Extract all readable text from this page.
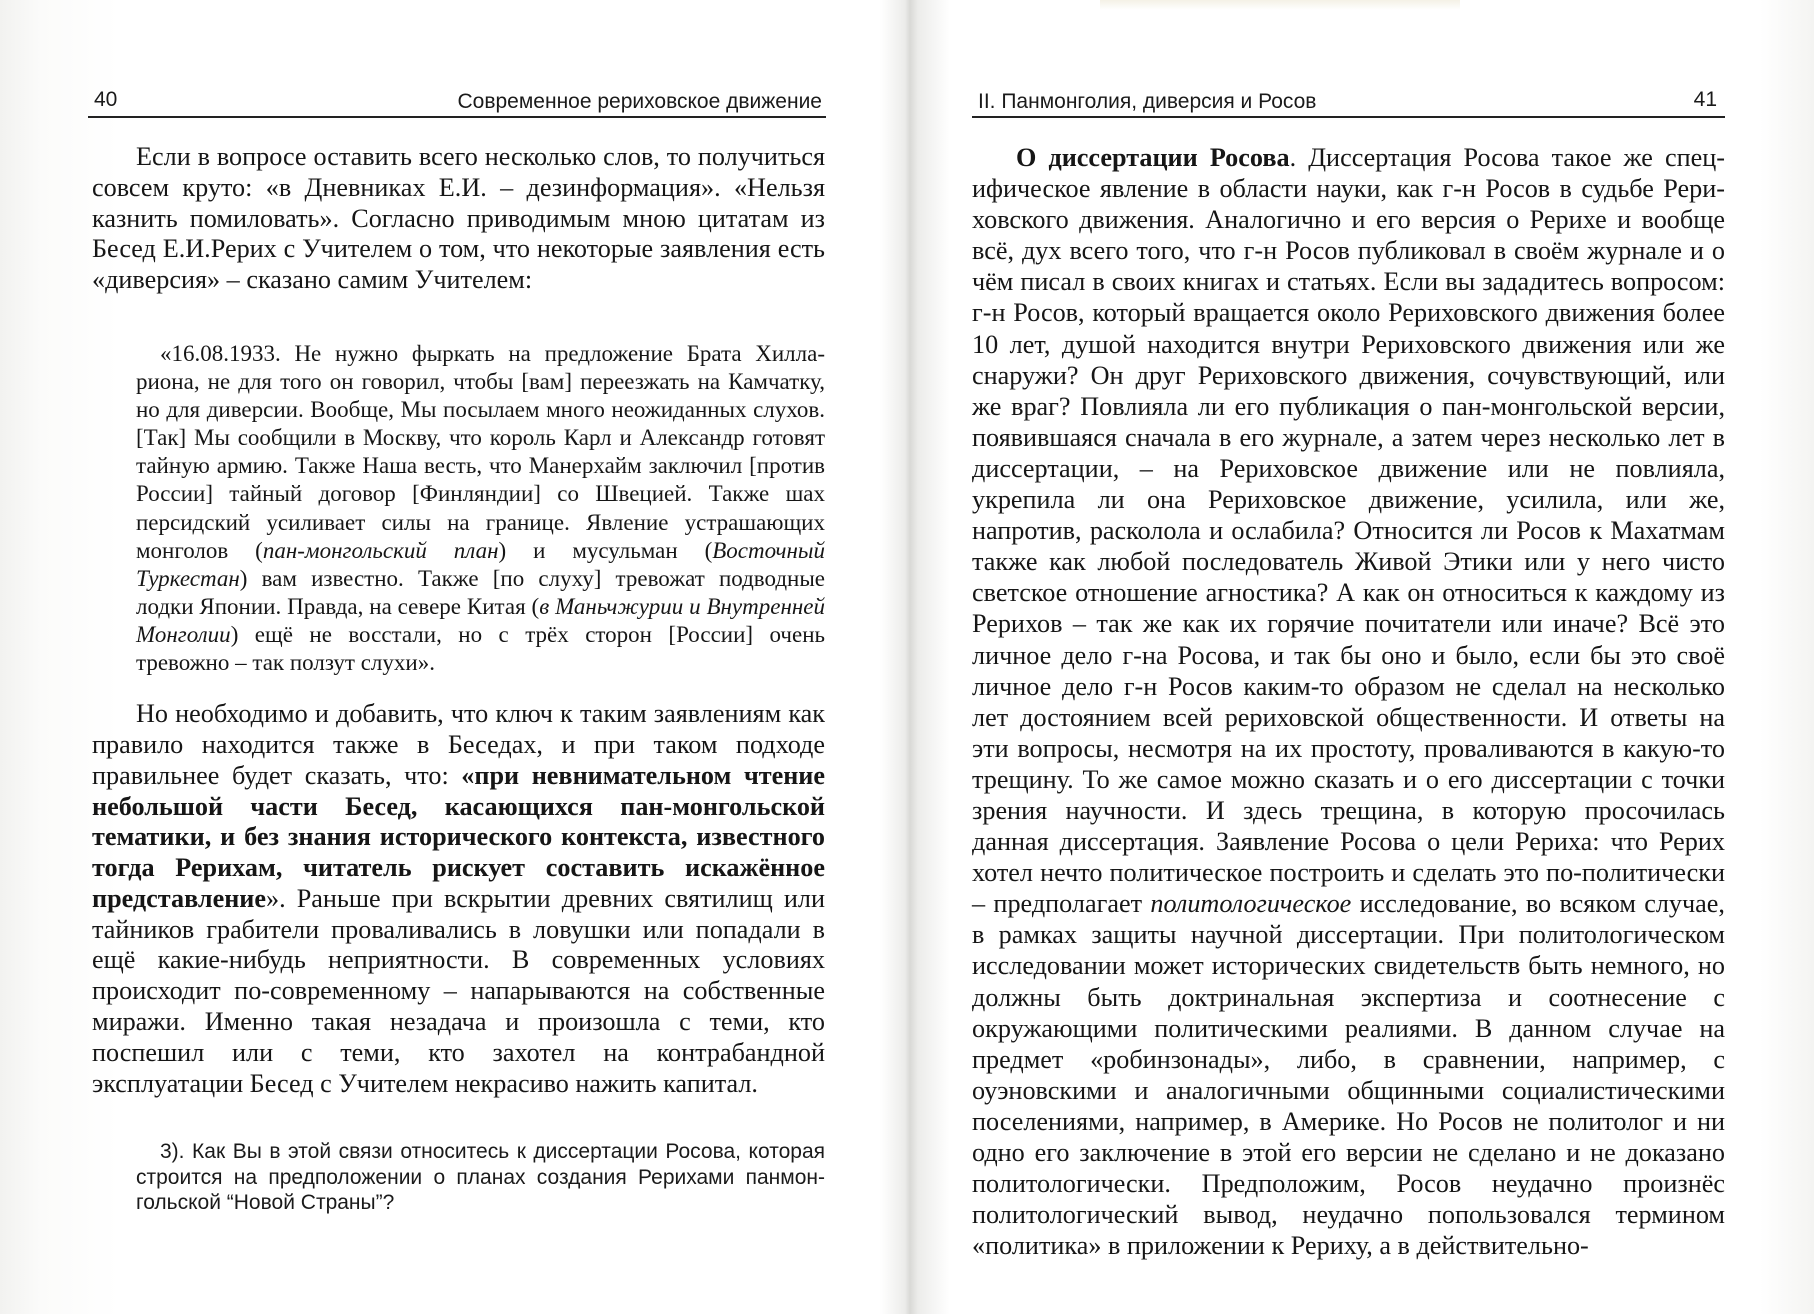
40	Современное рериховское движение

Если в вопросе оставить всего несколько слов, то получиться совсем круто: «в Дневниках Е.И. – дезинформация». «Нельзя казнить помиловать». Согласно приводимым мною цитатам из Бесед Е.И.Рерих с Учителем о том, что некоторые заявления есть «диверсия» – сказано самим Учителем:

«16.08.1933. Не нужно фыркать на предложение Брата Хиллариона, не для того он говорил, чтобы [вам] переезжать на Камчатку, но для диверсии. Вообще, Мы посылаем много неожиданных слухов. [Так] Мы сообщили в Москву, что король Карл и Александр готовят тайную армию. Также Наша весть, что Манерхайм заключил [против России] тайный договор [Финляндии] со Швецией. Также шах персидский усиливает силы на границе. Явление устрашающих монголов (пан-монгольский план) и мусульман (Восточный Туркестан) вам известно. Также [по слуху] тревожат подводные лодки Японии. Правда, на севере Китая (в Маньчжурии и Внутренней Монголии) ещё не восстали, но с трёх сторон [России] очень тревожно – так ползут слухи».

Но необходимо и добавить, что ключ к таким заявлениям как правило находится также в Беседах, и при таком подходе правильнее будет сказать, что: «при невнимательном чтение небольшой части Бесед, касающихся пан-монгольской тематики, и без знания исторического контекста, известного тогда Рерихам, читатель рискует составить искажённое представление». Раньше при вскрытии древних святилищ или тайников грабители проваливались в ловушки или попадали в ещё какие-нибудь неприятности. В современных условиях происходит по-современному – напарываются на собственные миражи. Именно такая незадача и произошла с теми, кто поспешил или с теми, кто захотел на контрабандной эксплуатации Бесед с Учителем некрасиво нажить капитал.

3). Как Вы в этой связи относитесь к диссертации Росова, которая строится на предположении о планах создания Рерихами панмонгольской “Новой Страны”?
II. Панмонголия, диверсия и Росов	41

О диссертации Росова. Диссертация Росова такое же специфическое явление в области науки, как г-н Росов в судьбе Рериховского движения. Аналогично и его версия о Рерихе и вообще всё, дух всего того, что г-н Росов публиковал в своём журнале и о чём писал в своих книгах и статьях. Если вы зададитесь вопросом: г-н Росов, который вращается около Рериховского движения более 10 лет, душой находится внутри Рериховского движения или же снаружи? Он друг Рериховского движения, сочувствующий, или же враг? Повлияла ли его публикация о пан-монгольской версии, появившаяся сначала в его журнале, а затем через несколько лет в диссертации, – на Рериховское движение или не повлияла, укрепила ли она Рериховское движение, усилила, или же, напротив, расколола и ослабила? Относится ли Росов к Махатмам также как любой последователь Живой Этики или у него чисто светское отношение агностика? А как он относиться к каждому из Рерихов – так же как их горячие почитатели или иначе? Всё это личное дело г-на Росова, и так бы оно и было, если бы это своё личное дело г-н Росов каким-то образом не сделал на несколько лет достоянием всей рериховской общественности. И ответы на эти вопросы, несмотря на их простоту, проваливаются в какую-то трещину. То же самое можно сказать и о его диссертации с точки зрения научности. И здесь трещина, в которую просочилась данная диссертация. Заявление Росова о цели Рериха: что Рерих хотел нечто политическое построить и сделать это по-политически – предполагает политологическое исследование, во всяком случае, в рамках защиты научной диссертации. При политологическом исследовании может исторических свидетельств быть немного, но должны быть доктринальная экспертиза и соотнесение с окружающими политическими реалиями. В данном случае на предмет «робинзонады», либо, в сравнении, например, с оуэновскими и аналогичными общинными социалистическими поселениями, например, в Америке. Но Росов не политолог и ни одно его заключение в этой его версии не сделано и не доказано политологически. Предположим, Росов неудачно произнёс политологический вывод, неудачно попользовался термином «политика» в приложении к Рериху, а в действительно-
